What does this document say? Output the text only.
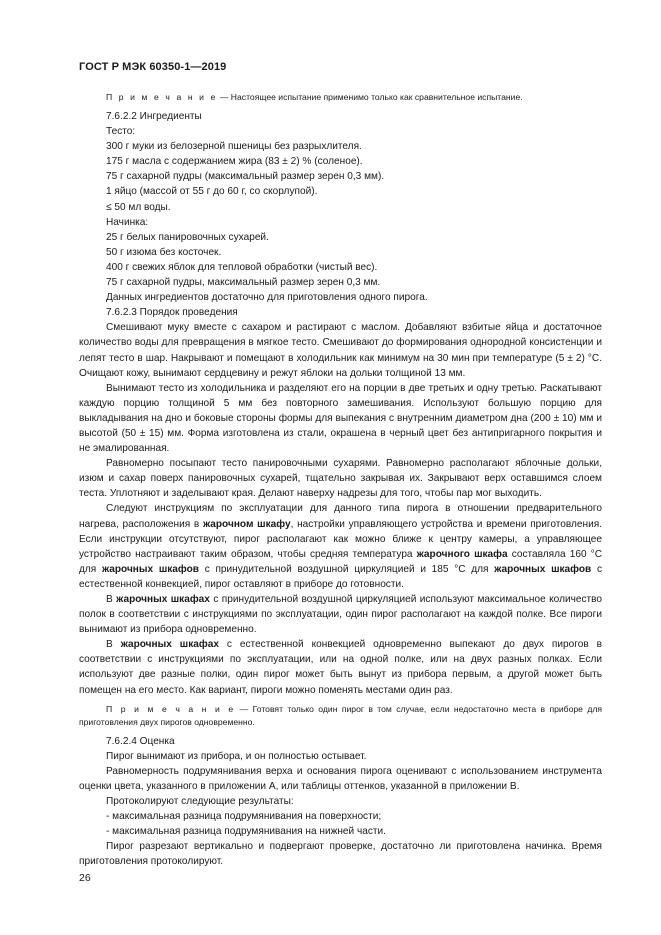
ГОСТ Р МЭК 60350-1—2019

П р и м е ч а н и е — Настоящее испытание применимо только как сравнительное испытание.

7.6.2.2 Ингредиенты

Тесто:

300 г муки из белозерной пшеницы без разрыхлителя.

175 г масла с содержанием жира (83 ± 2) % (соленое).

75 г сахарной пудры (максимальный размер зерен 0,3 мм).

1 яйцо (массой от 55 г до 60 г, со скорлупой).

≤ 50 мл воды.

Начинка:

25 г белых панировочных сухарей.

50 г изюма без косточек.

400 г свежих яблок для тепловой обработки (чистый вес).

75 г сахарной пудры, максимальный размер зерен 0,3 мм.

Данных ингредиентов достаточно для приготовления одного пирога.

7.6.2.3 Порядок проведения

Смешивают муку вместе с сахаром и растирают с маслом. Добавляют взбитые яйца и достаточное количество воды для превращения в мягкое тесто. Смешивают до формирования однородной консистенции и лепят тесто в шар. Накрывают и помещают в холодильник как минимум на 30 мин при температуре (5 ± 2) °С. Очищают кожу, вынимают сердцевину и режут яблоки на дольки толщиной 13 мм.

Вынимают тесто из холодильника и разделяют его на порции в две третьих и одну третью. Раскатывают каждую порцию толщиной 5 мм без повторного замешивания. Используют большую порцию для выкладывания на дно и боковые стороны формы для выпекания с внутренним диаметром дна (200 ± 10) мм и высотой (50 ± 15) мм. Форма изготовлена из стали, окрашена в черный цвет без антипригарного покрытия и не эмалированная.

Равномерно посыпают тесто панировочными сухарями. Равномерно располагают яблочные дольки, изюм и сахар поверх панировочных сухарей, тщательно закрывая их. Закрывают верх оставшимся слоем теста. Уплотняют и заделывают края. Делают наверху надрезы для того, чтобы пар мог выходить.

Следуют инструкциям по эксплуатации для данного типа пирога в отношении предварительного нагрева, расположения в жарочном шкафу, настройки управляющего устройства и времени приготовления. Если инструкции отсутствуют, пирог располагают как можно ближе к центру камеры, а управляющее устройство настраивают таким образом, чтобы средняя температура жарочного шкафа составляла 160 °С для жарочных шкафов с принудительной воздушной циркуляцией и 185 °С для жарочных шкафов с естественной конвекцией, пирог оставляют в приборе до готовности.

В жарочных шкафах с принудительной воздушной циркуляцией используют максимальное количество полок в соответствии с инструкциями по эксплуатации, один пирог располагают на каждой полке. Все пироги вынимают из прибора одновременно.

В жарочных шкафах с естественной конвекцией одновременно выпекают до двух пирогов в соответствии с инструкциями по эксплуатации, или на одной полке, или на двух разных полках. Если используют две разные полки, один пирог может быть вынут из прибора первым, а другой может быть помещен на его место. Как вариант, пироги можно поменять местами один раз.

П р и м е ч а н и е — Готовят только один пирог в том случае, если недостаточно места в приборе для приготовления двух пирогов одновременно.

7.6.2.4 Оценка

Пирог вынимают из прибора, и он полностью остывает.

Равномерность подрумянивания верха и основания пирога оценивают с использованием инструмента оценки цвета, указанного в приложении А, или таблицы оттенков, указанной в приложении В.

Протоколируют следующие результаты:

- максимальная разница подрумянивания на поверхности;

- максимальная разница подрумянивания на нижней части.

Пирог разрезают вертикально и подвергают проверке, достаточно ли приготовлена начинка. Время приготовления протоколируют.

26
